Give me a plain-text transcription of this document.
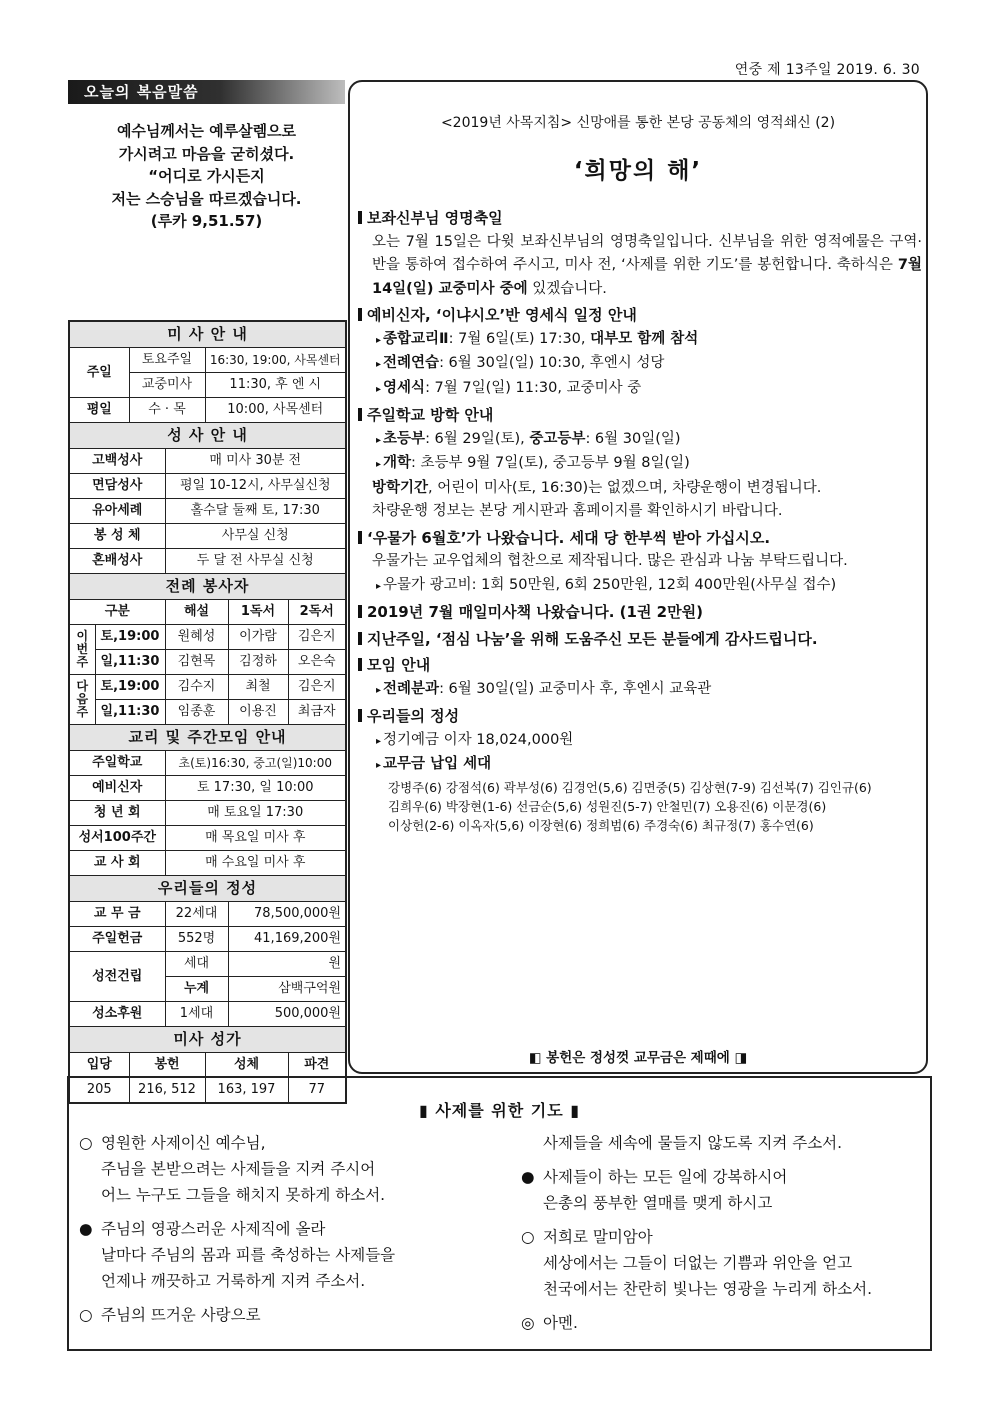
연중 제 13주일 2019. 6. 30
오늘의 복음말씀
예수님께서는 예루살렘으로
가시려고 마음을 굳히셨다.
“어디로 가시든지
저는 스승님을 따르겠습니다.
(루카 9,51.57)
미 사 안 내						
주일		토요주일		16:30, 19:00, 사목센터		
		교중미사		11:30, 후 엔 시		
평일		수 · 목		10:00, 사목센터		
성 사 안 내						
고백성사			매 미사 30분 전			
면담성사			평일 10-12시, 사무실신청			
유아세례			홀수달 둘째 토, 17:30			
봉 성 체			사무실 신청			
혼배성사			두 달 전 사무실 신청			
전례 봉사자						
구분			해설		1독서	2독서
이번주	토,19:00		원혜성		이가람	김은지
	일,11:30		김현목		김정하	오은숙
다음주	토,19:00		김수지		최철	김은지
	일,11:30		임종훈		이용진	최금자
교리 및 주간모임 안내						
주일학교			초(토)16:30, 중고(일)10:00			
예비신자			토 17:30, 일 10:00			
청 년 회			매 토요일 17:30			
성서100주간			매 목요일 미사 후			
교 사 회			매 수요일 미사 후			
우리들의 정성						
교 무 금			22세대		78,500,000원	
주일헌금			552명		41,169,200원	
성전건립			세대		원	
			누계		삼백구억원	
성소후원			1세대		500,000원	
미사 성가						
입당		봉헌		성체		파견
205		216, 512		163, 197		77
<2019년 사목지침> 신망애를 통한 본당 공동체의 영적쇄신 (2)
‘희망의 해’
보좌신부님 영명축일
오는 7월 15일은 다윗 보좌신부님의 영명축일입니다. 신부님을 위한 영적예물은 구역·반을 통하여 접수하여 주시고, 미사 전, ‘사제를 위한 기도’를 봉헌합니다. 축하식은 7월 14일(일) 교중미사 중에 있겠습니다.
예비신자, ‘이냐시오’반 영세식 일정 안내
▸ 종합교리Ⅱ: 7월 6일(토) 17:30, 대부모 함께 참석
▸ 전례연습: 6월 30일(일) 10:30, 후엔시 성당
▸ 영세식: 7월 7일(일) 11:30, 교중미사 중
주일학교 방학 안내
▸ 초등부: 6월 29일(토), 중고등부: 6월 30일(일)
▸ 개학: 초등부 9월 7일(토), 중고등부 9월 8일(일)
방학기간, 어린이 미사(토, 16:30)는 없겠으며, 차량운행이 변경됩니다.
차량운행 정보는 본당 게시판과 홈페이지를 확인하시기 바랍니다.
‘우물가 6월호’가 나왔습니다. 세대 당 한부씩 받아 가십시오.
우물가는 교우업체의 협찬으로 제작됩니다. 많은 관심과 나눔 부탁드립니다.
▸ 우물가 광고비: 1회 50만원, 6회 250만원, 12회 400만원(사무실 접수)
2019년 7월 매일미사책 나왔습니다. (1권 2만원)
지난주일, ‘점심 나눔’을 위해 도움주신 모든 분들에게 감사드립니다.
모임 안내
▸ 전례분과: 6월 30일(일) 교중미사 후, 후엔시 교육관
우리들의 정성
▸ 정기예금 이자 18,024,000원
▸ 교무금 납입 세대
강병주(6) 강점석(6) 곽부성(6) 김경언(5,6) 김면중(5) 김상현(7-9) 김선복(7) 김인규(6)
김희우(6) 박장현(1-6) 선금순(5,6) 성원진(5-7) 안철민(7) 오용진(6) 이문경(6)
이상헌(2-6) 이옥자(5,6) 이장현(6) 정희범(6) 주경숙(6) 최규정(7) 홍수연(6)
◧ 봉헌은 정성껏 교무금은 제때에 ◨
▮ 사제를 위한 기도 ▮
○ 영원한 사제이신 예수님,
주님을 본받으려는 사제들을 지켜 주시어
어느 누구도 그들을 해치지 못하게 하소서.
● 주님의 영광스러운 사제직에 올라
날마다 주님의 몸과 피를 축성하는 사제들을
언제나 깨끗하고 거룩하게 지켜 주소서.
○ 주님의 뜨거운 사랑으로
사제들을 세속에 물들지 않도록 지켜 주소서.
● 사제들이 하는 모든 일에 강복하시어
은총의 풍부한 열매를 맺게 하시고
○ 저희로 말미암아
세상에서는 그들이 더없는 기쁨과 위안을 얻고
천국에서는 찬란히 빛나는 영광을 누리게 하소서.
◎ 아멘.
